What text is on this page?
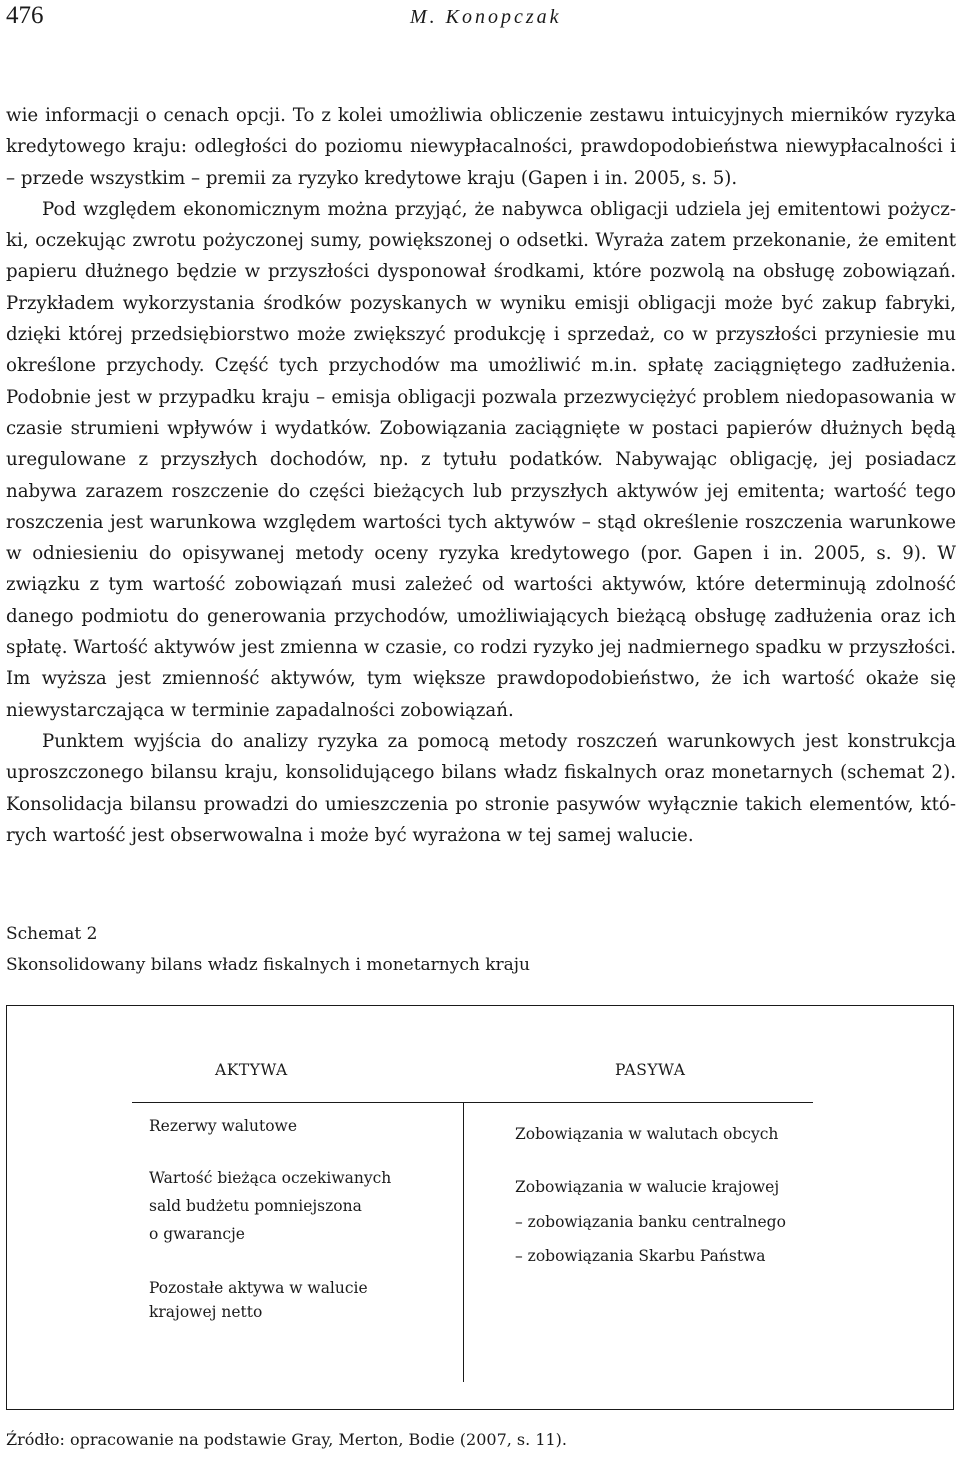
476	M. Konopczak

wie informacji o cenach opcji. To z kolei umożliwia obliczenie zestawu intuicyjnych mierników ryzyka kredytowego kraju: odległości do poziomu niewypłacalności, prawdopodobieństwa niewypłacalności i – przede wszystkim – premii za ryzyko kredytowe kraju (Gapen i in. 2005, s. 5).

Pod względem ekonomicznym można przyjąć, że nabywca obligacji udziela jej emitentowi pożyczki, oczekując zwrotu pożyczonej sumy, powiększonej o odsetki. Wyraża zatem przekonanie, że emitent papieru dłużnego będzie w przyszłości dysponował środkami, które pozwolą na obsługę zobowiązań. Przykładem wykorzystania środków pozyskanych w wyniku emisji obligacji może być zakup fabryki, dzięki której przedsiębiorstwo może zwiększyć produkcję i sprzedaż, co w przyszłości przyniesie mu określone przychody. Część tych przychodów ma umożliwić m.in. spłatę zaciągniętego zadłużenia. Podobnie jest w przypadku kraju – emisja obligacji pozwala przezwyciężyć problem niedopasowania w czasie strumieni wpływów i wydatków. Zobowiązania zaciągnięte w postaci papierów dłużnych będą uregulowane z przyszłych dochodów, np. z tytułu podatków. Nabywając obligację, jej posiadacz nabywa zarazem roszczenie do części bieżących lub przyszłych aktywów jej emitenta; wartość tego roszczenia jest warunkowa względem wartości tych aktywów – stąd określenie roszczenia warunkowe w odniesieniu do opisywanej metody oceny ryzyka kredytowego (por. Gapen i in. 2005, s. 9). W związku z tym wartość zobowiązań musi zależeć od wartości aktywów, które determinują zdolność danego podmiotu do generowania przychodów, umożliwiających bieżącą obsługę zadłużenia oraz ich spłatę. Wartość aktywów jest zmienna w czasie, co rodzi ryzyko jej nadmiernego spadku w przyszłości. Im wyższa jest zmienność aktywów, tym większe prawdopodobieństwo, że ich wartość okaże się niewystarczająca w terminie zapadalności zobowiązań.

Punktem wyjścia do analizy ryzyka za pomocą metody roszczeń warunkowych jest konstrukcja uproszczonego bilansu kraju, konsolidującego bilans władz fiskalnych oraz monetarnych (schemat 2). Konsolidacja bilansu prowadzi do umieszczenia po stronie pasywów wyłącznie takich elementów, których wartość jest obserwowalna i może być wyrażona w tej samej walucie.

Schemat 2
Skonsolidowany bilans władz fiskalnych i monetarnych kraju
AKTYWA	PASYWA
Rezerwy walutowe
Wartość bieżąca oczekiwanych
sald budżetu pomniejszona
o gwarancje
Pozostałe aktywa w walucie
krajowej netto
Zobowiązania w walutach obcych
Zobowiązania w walucie krajowej
– zobowiązania banku centralnego
– zobowiązania Skarbu Państwa
Źródło: opracowanie na podstawie Gray, Merton, Bodie (2007, s. 11).
